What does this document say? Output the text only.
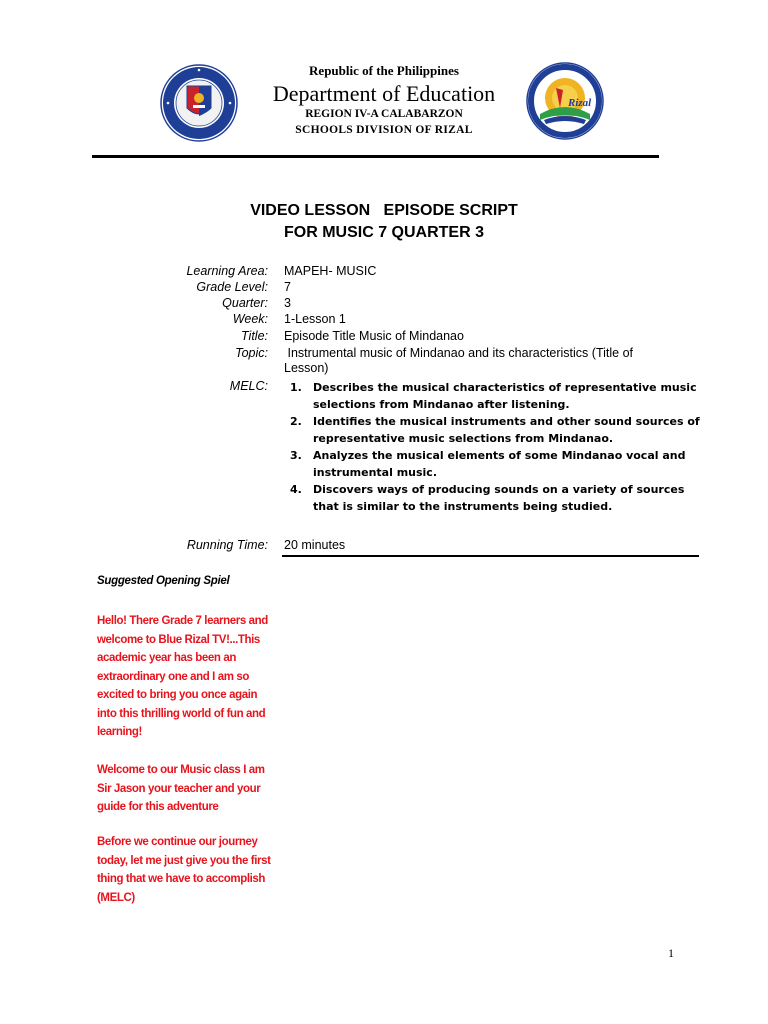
Rizal
Republic of the Philippines
Department of Education
REGION IV-A CALABARZON
SCHOOLS DIVISION OF RIZAL
VIDEO LESSON   EPISODE SCRIPT
FOR MUSIC 7 QUARTER 3
Learning Area: MAPEH- MUSIC
Grade Level: 7
Quarter: 3
Week: 1-Lesson 1
Title: Episode Title Music of Mindanao
Topic: Instrumental music of Mindanao and its characteristics (Title of Lesson)
MELC: 1. Describes the musical characteristics of representative music selections from Mindanao after listening.
2. Identifies the musical instruments and other sound sources of representative music selections from Mindanao.
3. Analyzes the musical elements of some Mindanao vocal and instrumental music.
4. Discovers ways of producing sounds on a variety of sources that is similar to the instruments being studied.
Running Time: 20 minutes
Suggested Opening Spiel
Hello! There Grade 7 learners and welcome to Blue Rizal TV!...This academic year has been an extraordinary one and I am so excited to bring you once again into this thrilling world of fun and learning!
Welcome to our Music class I am Sir Jason your teacher and your guide for this adventure
Before we continue our journey today, let me just give you the first thing that we have to accomplish (MELC)
1
